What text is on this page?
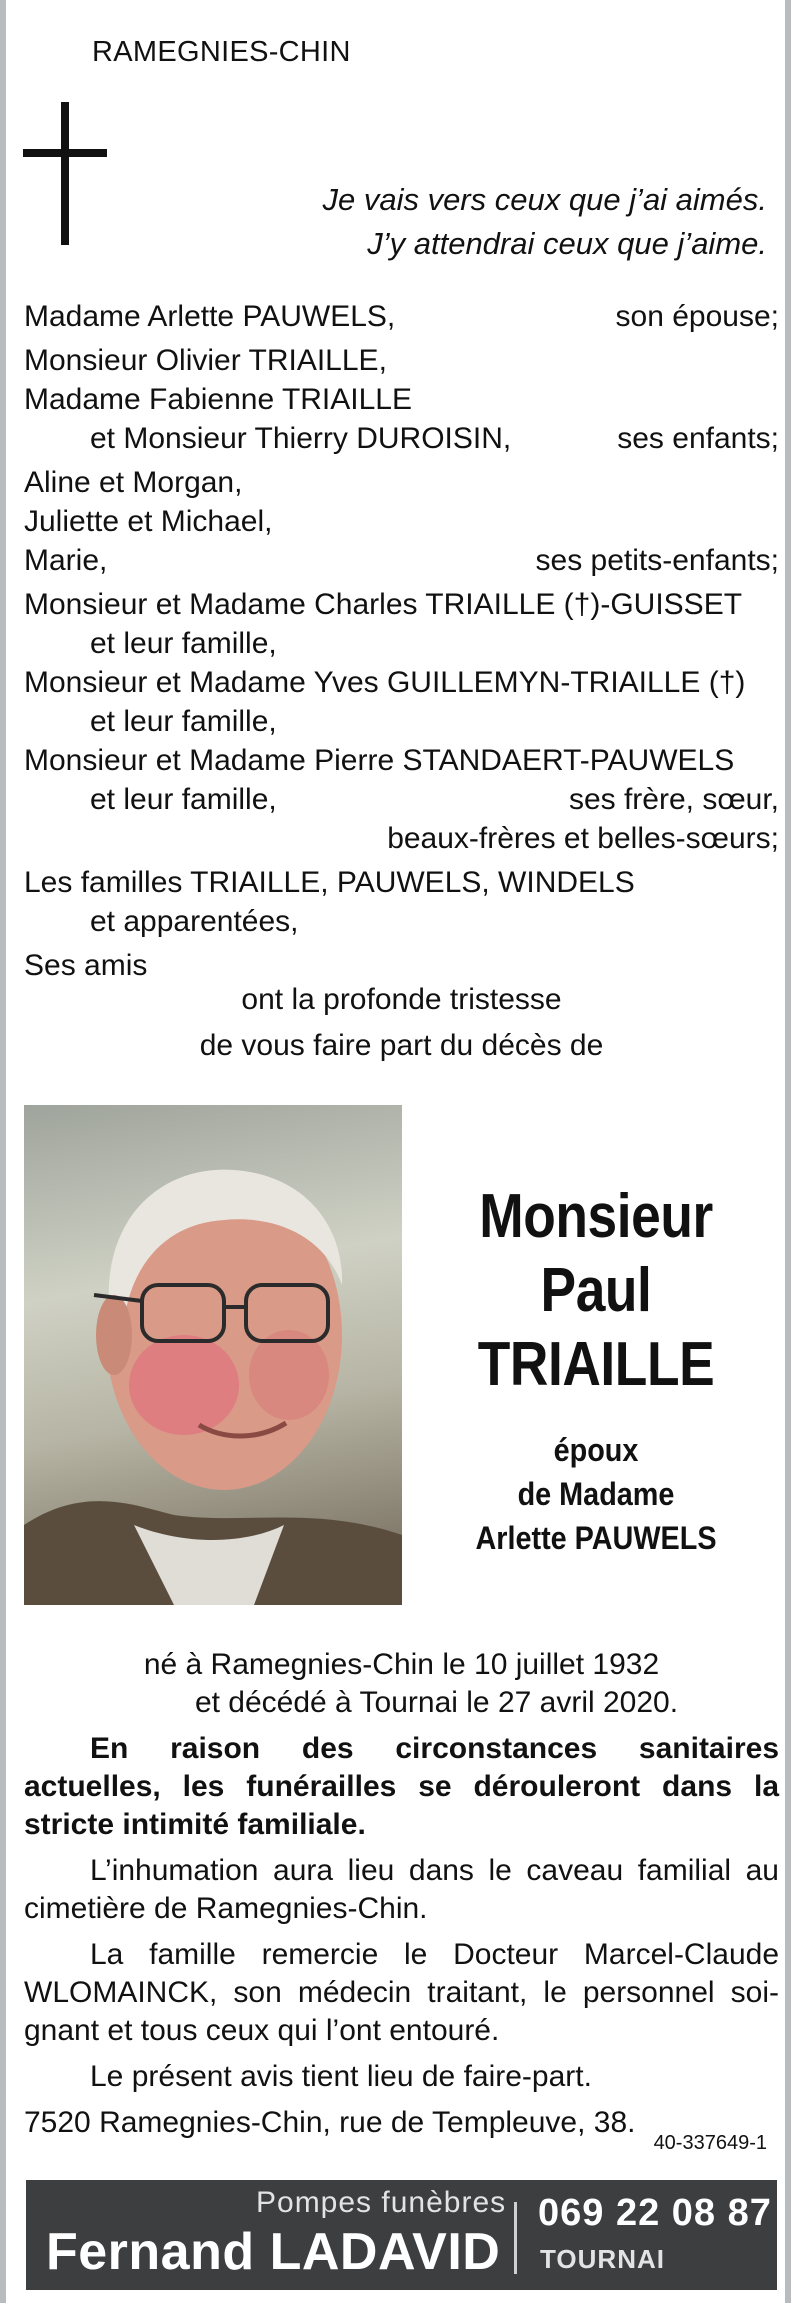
RAMEGNIES-CHIN
Je vais vers ceux que j’ai aimés.
J’y attendrai ceux que j’aime.
Madame Arlette PAUWELS,	son épouse;
Monsieur Olivier TRIAILLE,
Madame Fabienne TRIAILLE
et Monsieur Thierry DUROISIN,	ses enfants;
Aline et Morgan,
Juliette et Michael,
Marie,	ses petits-enfants;
Monsieur et Madame Charles TRIAILLE (†)-GUISSET
et leur famille,
Monsieur et Madame Yves GUILLEMYN-TRIAILLE (†)
et leur famille,
Monsieur et Madame Pierre STANDAERT-PAUWELS
et leur famille,	ses frère, sœur,
beaux-frères et belles-sœurs;
Les familles TRIAILLE, PAUWELS, WINDELS
et apparentées,
Ses amis
ont la profonde tristesse
de vous faire part du décès de
Monsieur
Paul
TRIAILLE
époux
de Madame
Arlette PAUWELS
né à Ramegnies-Chin le 10 juillet 1932
et décédé à Tournai le 27 avril 2020.

En raison des circonstances sanitaires actuelles, les funérailles se dérouleront dans la stricte intimité familiale.

L’inhumation aura lieu dans le caveau familial au cimetière de Ramegnies-Chin.

La famille remercie le Docteur Marcel-Claude WLOMAINCK, son médecin traitant, le personnel soi-gnant et tous ceux qui l’ont entouré.

Le présent avis tient lieu de faire-part.

7520 Ramegnies-Chin, rue de Templeuve, 38.

40-337649-1
Pompes funèbres
Fernand LADAVID
069 22 08 87
TOURNAI
